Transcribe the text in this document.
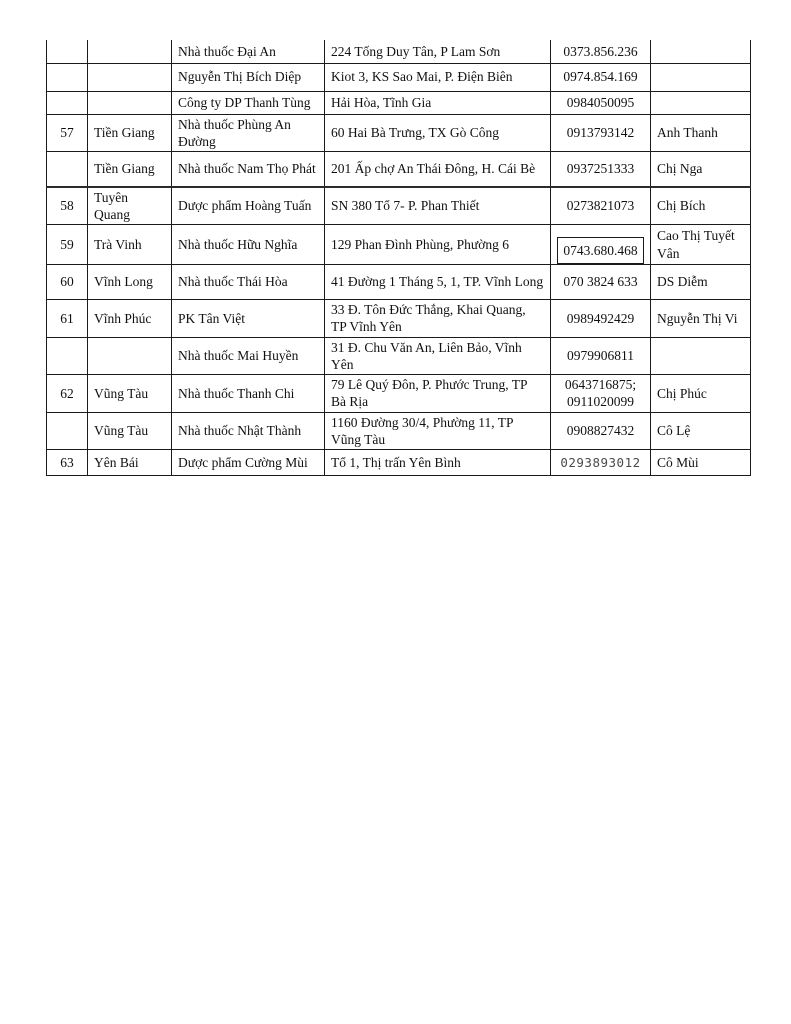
		Nhà thuốc Đại An	224 Tống Duy Tân, P Lam Sơn	0373.856.236	
		Nguyễn Thị Bích Diệp	Kiot 3, KS Sao Mai, P. Điện Biên	0974.854.169	
		Công ty DP Thanh Tùng	Hải Hòa, Tĩnh Gia	0984050095	
57	Tiền Giang	Nhà thuốc Phùng An Đường	60 Hai Bà Trưng, TX Gò Công	0913793142	Anh Thanh
	Tiền Giang	Nhà thuốc Nam Thọ Phát	201 Ấp chợ An Thái Đông, H. Cái Bè	0937251333	Chị Nga
58	Tuyên Quang	Dược phẩm Hoàng Tuấn	SN 380 Tổ 7- P. Phan Thiết	0273821073	Chị Bích
59	Trà Vinh	Nhà thuốc Hữu Nghĩa	129 Phan Đình Phùng, Phường 6	0743.680.468	Cao Thị Tuyết Vân
60	Vĩnh Long	Nhà thuốc Thái Hòa	41 Đường 1 Tháng 5, 1, TP. Vĩnh Long	070 3824 633	DS Diễm
61	Vĩnh Phúc	PK Tân Việt	33 Đ. Tôn Đức Thắng, Khai Quang, TP Vĩnh Yên	0989492429	Nguyễn Thị Vi
		Nhà thuốc Mai Huyền	31 Đ. Chu Văn An, Liên Bảo, Vĩnh Yên	0979906811	
62	Vũng Tàu	Nhà thuốc Thanh Chi	79 Lê Quý Đôn, P. Phước Trung, TP Bà Rịa	0643716875; 0911020099	Chị Phúc
	Vũng Tàu	Nhà thuốc Nhật Thành	1160 Đường 30/4, Phường 11, TP Vũng Tàu	0908827432	Cô Lệ
63	Yên Bái	Dược phẩm Cường Mùi	Tổ 1, Thị trấn Yên Bình	0293893012	Cô Mùi
